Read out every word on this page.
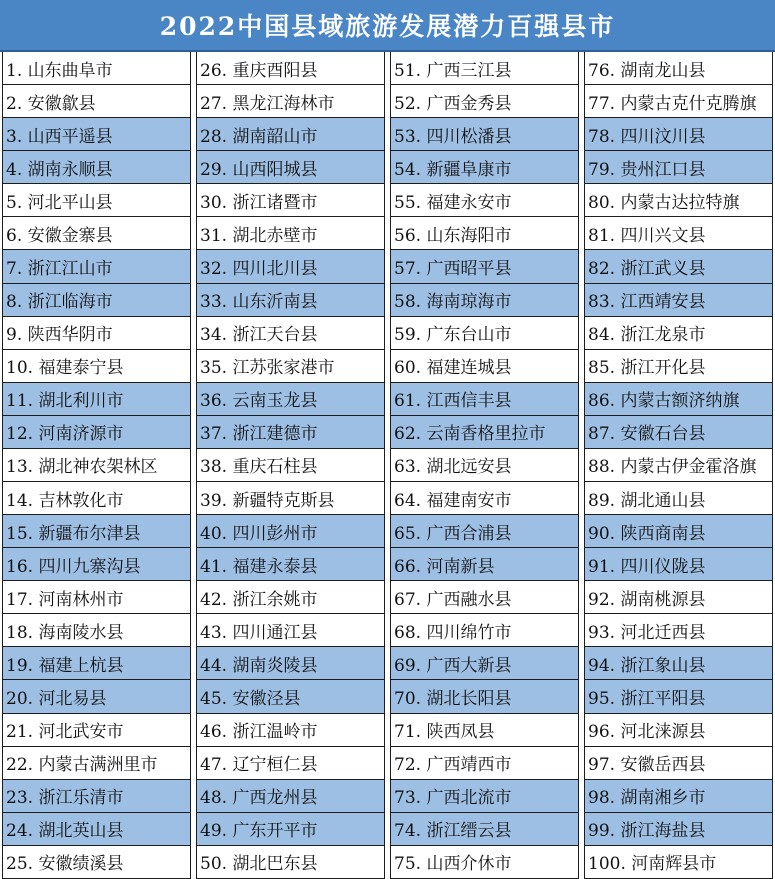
2022中国县域旅游发展潜力百强县市
1. 山东曲阜市
2. 安徽歙县
3. 山西平遥县
4. 湖南永顺县
5. 河北平山县
6. 安徽金寨县
7. 浙江江山市
8. 浙江临海市
9. 陕西华阴市
10. 福建泰宁县
11. 湖北利川市
12. 河南济源市
13. 湖北神农架林区
14. 吉林敦化市
15. 新疆布尔津县
16. 四川九寨沟县
17. 河南林州市
18. 海南陵水县
19. 福建上杭县
20. 河北易县
21. 河北武安市
22. 内蒙古满洲里市
23. 浙江乐清市
24. 湖北英山县
25. 安徽绩溪县
26. 重庆酉阳县
27. 黑龙江海林市
28. 湖南韶山市
29. 山西阳城县
30. 浙江诸暨市
31. 湖北赤壁市
32. 四川北川县
33. 山东沂南县
34. 浙江天台县
35. 江苏张家港市
36. 云南玉龙县
37. 浙江建德市
38. 重庆石柱县
39. 新疆特克斯县
40. 四川彭州市
41. 福建永泰县
42. 浙江余姚市
43. 四川通江县
44. 湖南炎陵县
45. 安徽泾县
46. 浙江温岭市
47. 辽宁桓仁县
48. 广西龙州县
49. 广东开平市
50. 湖北巴东县
51. 广西三江县
52. 广西金秀县
53. 四川松潘县
54. 新疆阜康市
55. 福建永安市
56. 山东海阳市
57. 广西昭平县
58. 海南琼海市
59. 广东台山市
60. 福建连城县
61. 江西信丰县
62. 云南香格里拉市
63. 湖北远安县
64. 福建南安市
65. 广西合浦县
66. 河南新县
67. 广西融水县
68. 四川绵竹市
69. 广西大新县
70. 湖北长阳县
71. 陕西凤县
72. 广西靖西市
73. 广西北流市
74. 浙江缙云县
75. 山西介休市
76. 湖南龙山县
77. 内蒙古克什克腾旗
78. 四川汶川县
79. 贵州江口县
80. 内蒙古达拉特旗
81. 四川兴文县
82. 浙江武义县
83. 江西靖安县
84. 浙江龙泉市
85. 浙江开化县
86. 内蒙古额济纳旗
87. 安徽石台县
88. 内蒙古伊金霍洛旗
89. 湖北通山县
90. 陕西商南县
91. 四川仪陇县
92. 湖南桃源县
93. 河北迁西县
94. 浙江象山县
95. 浙江平阳县
96. 河北涞源县
97. 安徽岳西县
98. 湖南湘乡市
99. 浙江海盐县
100. 河南辉县市
